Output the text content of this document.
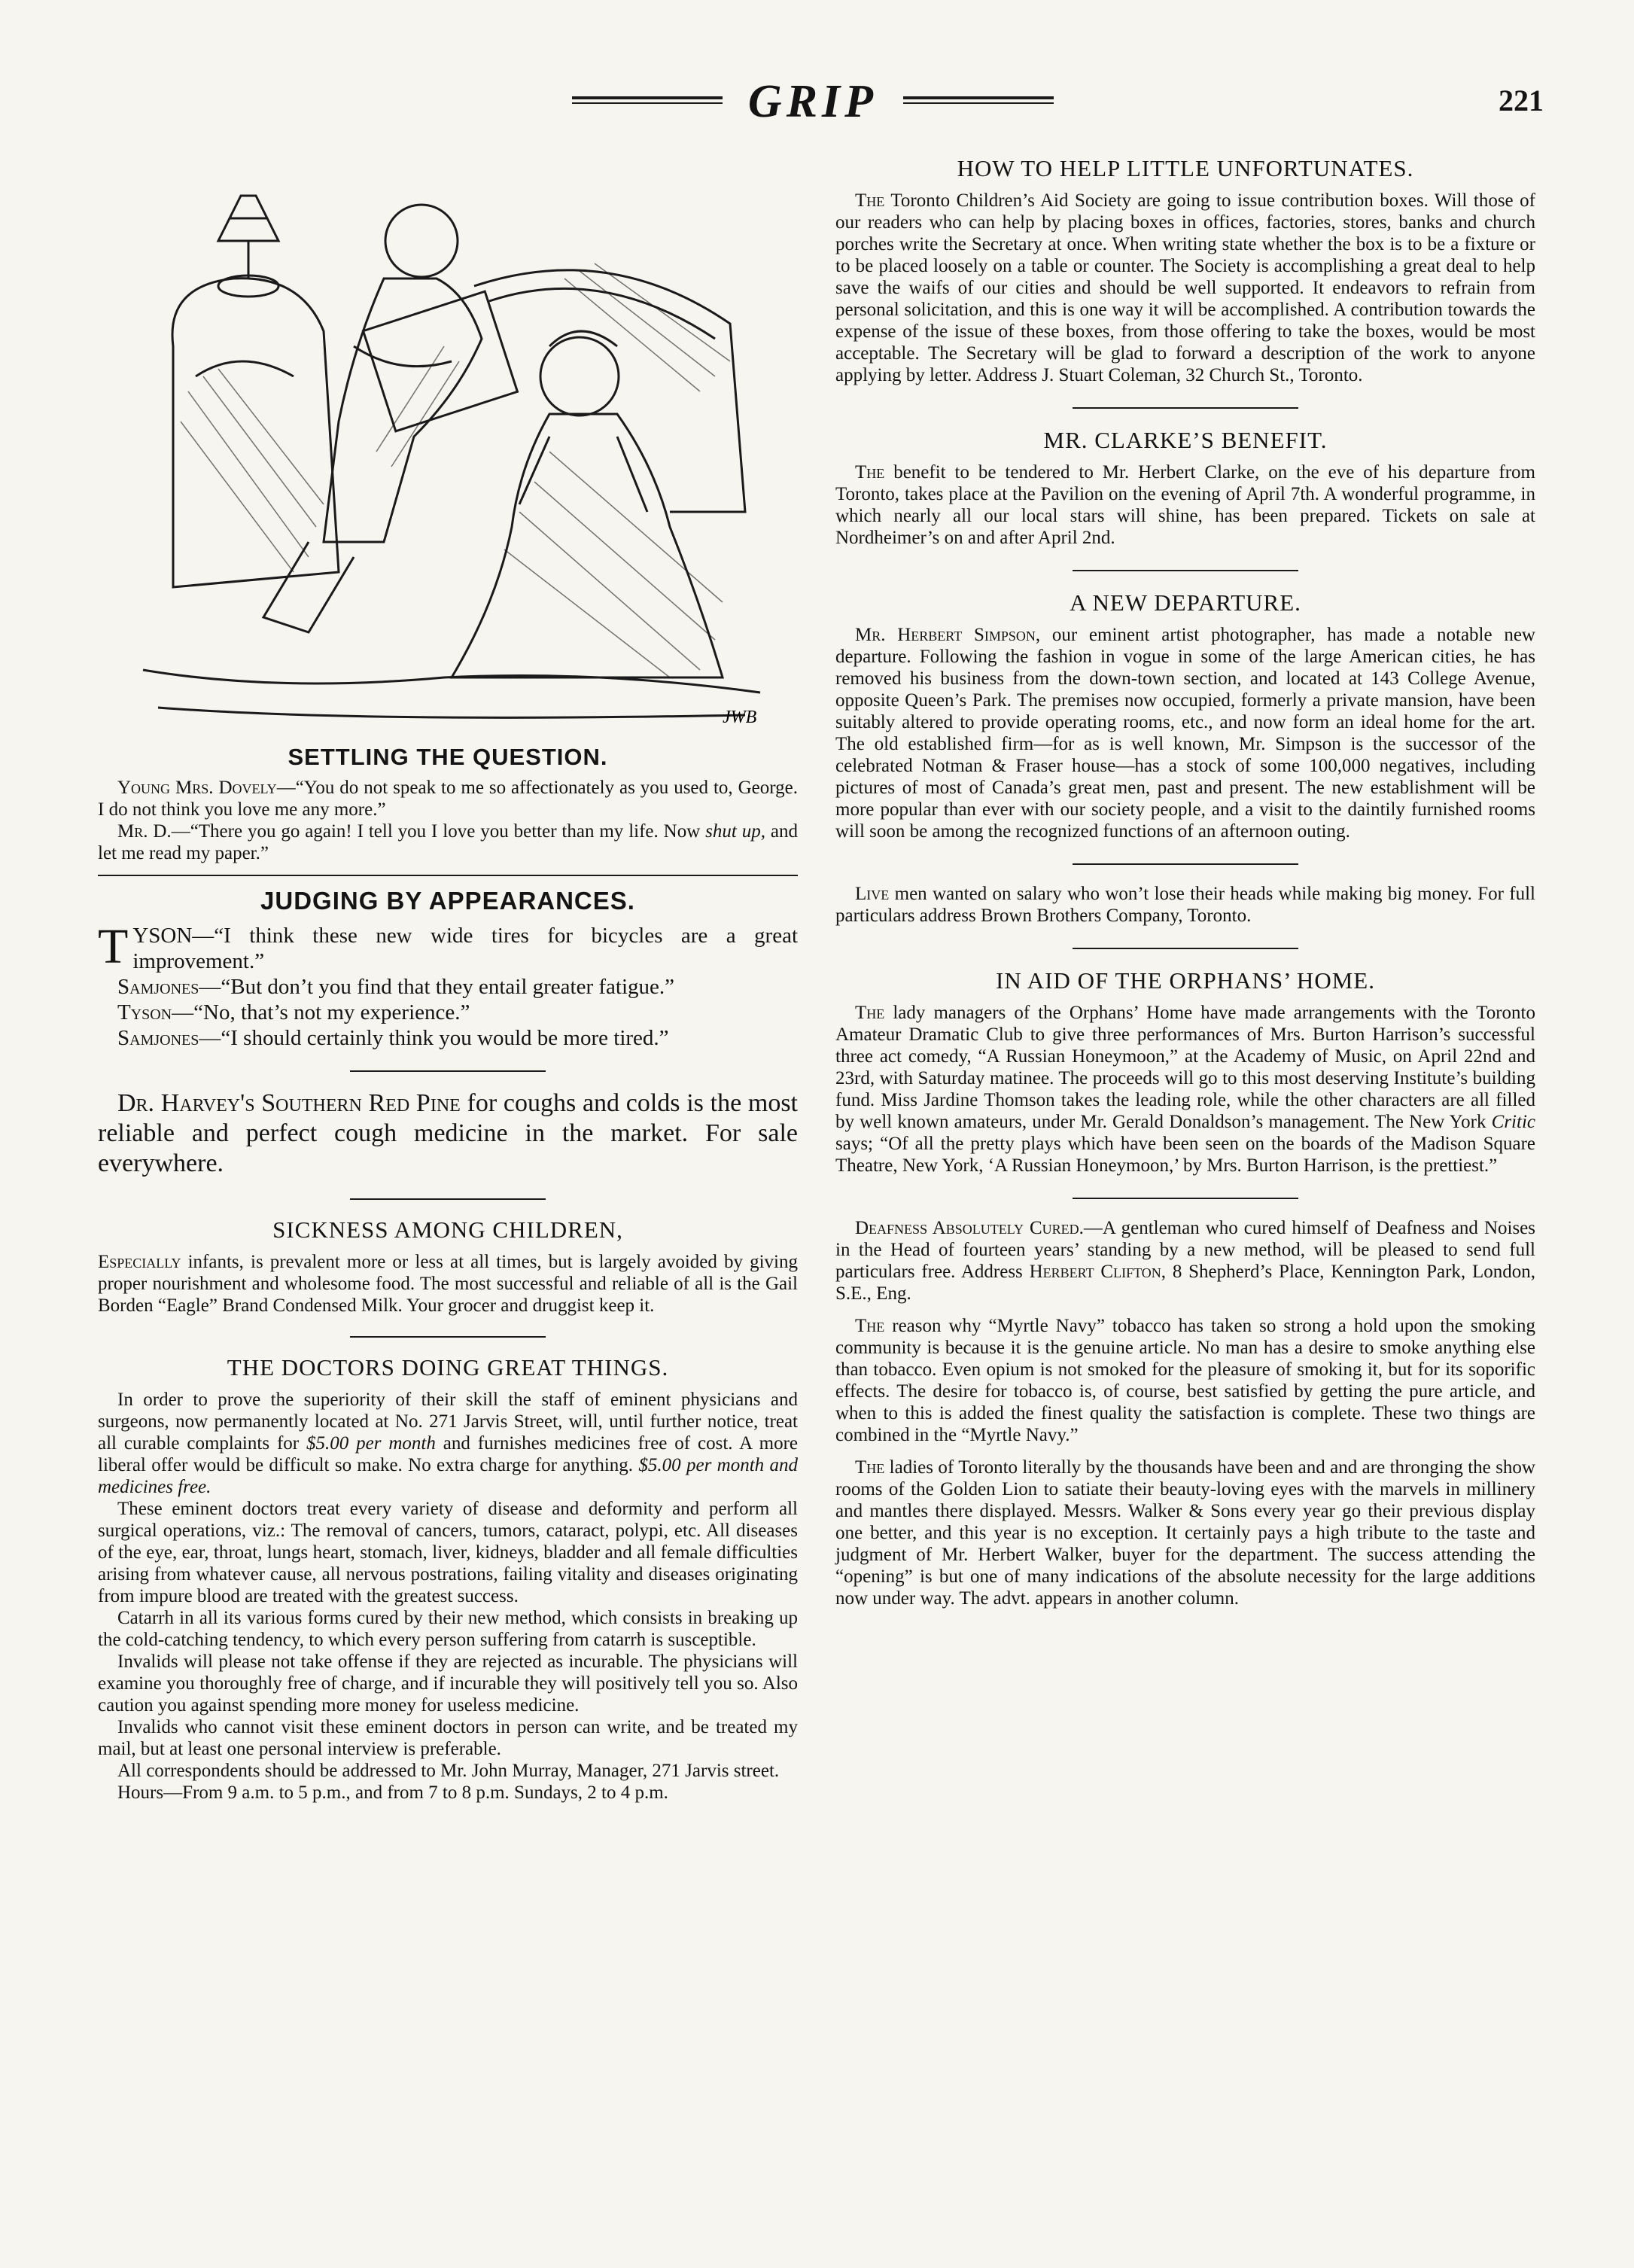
GRIP	221
JWB
SETTLING THE QUESTION.

Young Mrs. Dovely—“You do not speak to me so affectionately as you used to, George. I do not think you love me any more.”

Mr. D.—“There you go again! I tell you I love you better than my life. Now shut up, and let me read my paper.”

JUDGING BY APPEARANCES.

TYSON—“I think these new wide tires for bicycles are a great improvement.”

Samjones—“But don’t you find that they entail greater fatigue.”

Tyson—“No, that’s not my experience.”

Samjones—“I should certainly think you would be more tired.”

Dr. Harvey's Southern Red Pine for coughs and colds is the most reliable and perfect cough medicine in the market. For sale everywhere.

SICKNESS AMONG CHILDREN,

Especially infants, is prevalent more or less at all times, but is largely avoided by giving proper nourishment and wholesome food. The most successful and reliable of all is the Gail Borden “Eagle” Brand Condensed Milk. Your grocer and druggist keep it.

THE DOCTORS DOING GREAT THINGS.

In order to prove the superiority of their skill the staff of eminent physicians and surgeons, now permanently located at No. 271 Jarvis Street, will, until further notice, treat all curable complaints for $5.00 per month and furnishes medicines free of cost. A more liberal offer would be difficult so make. No extra charge for anything. $5.00 per month and medicines free.

These eminent doctors treat every variety of disease and deformity and perform all surgical operations, viz.: The removal of cancers, tumors, cataract, polypi, etc. All diseases of the eye, ear, throat, lungs heart, stomach, liver, kidneys, bladder and all female difficulties arising from whatever cause, all nervous postrations, failing vitality and diseases originating from impure blood are treated with the greatest success.

Catarrh in all its various forms cured by their new method, which consists in breaking up the cold-catching tendency, to which every person suffering from catarrh is susceptible.

Invalids will please not take offense if they are rejected as incurable. The physicians will examine you thoroughly free of charge, and if incurable they will positively tell you so. Also caution you against spending more money for useless medicine.

Invalids who cannot visit these eminent doctors in person can write, and be treated my mail, but at least one personal interview is preferable.

All correspondents should be addressed to Mr. John Murray, Manager, 271 Jarvis street.

Hours—From 9 a.m. to 5 p.m., and from 7 to 8 p.m. Sundays, 2 to 4 p.m.

HOW TO HELP LITTLE UNFORTUNATES.

The Toronto Children’s Aid Society are going to issue contribution boxes. Will those of our readers who can help by placing boxes in offices, factories, stores, banks and church porches write the Secretary at once. When writing state whether the box is to be a fixture or to be placed loosely on a table or counter. The Society is accomplishing a great deal to help save the waifs of our cities and should be well supported. It endeavors to refrain from personal solicitation, and this is one way it will be accomplished. A contribution towards the expense of the issue of these boxes, from those offering to take the boxes, would be most acceptable. The Secretary will be glad to forward a description of the work to anyone applying by letter. Address J. Stuart Coleman, 32 Church St., Toronto.

MR. CLARKE’S BENEFIT.

The benefit to be tendered to Mr. Herbert Clarke, on the eve of his departure from Toronto, takes place at the Pavilion on the evening of April 7th. A wonderful programme, in which nearly all our local stars will shine, has been prepared. Tickets on sale at Nordheimer’s on and after April 2nd.

A NEW DEPARTURE.

Mr. Herbert Simpson, our eminent artist photographer, has made a notable new departure. Following the fashion in vogue in some of the large American cities, he has removed his business from the down-town section, and located at 143 College Avenue, opposite Queen’s Park. The premises now occupied, formerly a private mansion, have been suitably altered to provide operating rooms, etc., and now form an ideal home for the art. The old established firm—for as is well known, Mr. Simpson is the successor of the celebrated Notman & Fraser house—has a stock of some 100,000 negatives, including pictures of most of Canada’s great men, past and present. The new establishment will be more popular than ever with our society people, and a visit to the daintily furnished rooms will soon be among the recognized functions of an afternoon outing.

Live men wanted on salary who won’t lose their heads while making big money. For full particulars address Brown Brothers Company, Toronto.

IN AID OF THE ORPHANS’ HOME.

The lady managers of the Orphans’ Home have made arrangements with the Toronto Amateur Dramatic Club to give three performances of Mrs. Burton Harrison’s successful three act comedy, “A Russian Honeymoon,” at the Academy of Music, on April 22nd and 23rd, with Saturday matinee. The proceeds will go to this most deserving Institute’s building fund. Miss Jardine Thomson takes the leading role, while the other characters are all filled by well known amateurs, under Mr. Gerald Donaldson’s management. The New York Critic says; “Of all the pretty plays which have been seen on the boards of the Madison Square Theatre, New York, ‘A Russian Honeymoon,’ by Mrs. Burton Harrison, is the prettiest.”

Deafness Absolutely Cured.—A gentleman who cured himself of Deafness and Noises in the Head of fourteen years’ standing by a new method, will be pleased to send full particulars free. Address Herbert Clifton, 8 Shepherd’s Place, Kennington Park, London, S.E., Eng.

The reason why “Myrtle Navy” tobacco has taken so strong a hold upon the smoking community is because it is the genuine article. No man has a desire to smoke anything else than tobacco. Even opium is not smoked for the pleasure of smoking it, but for its soporific effects. The desire for tobacco is, of course, best satisfied by getting the pure article, and when to this is added the finest quality the satisfaction is complete. These two things are combined in the “Myrtle Navy.”

The ladies of Toronto literally by the thousands have been and and are thronging the show rooms of the Golden Lion to satiate their beauty-loving eyes with the marvels in millinery and mantles there displayed. Messrs. Walker & Sons every year go their previous display one better, and this year is no exception. It certainly pays a high tribute to the taste and judgment of Mr. Herbert Walker, buyer for the department. The success attending the “opening” is but one of many indications of the absolute necessity for the large additions now under way. The advt. appears in another column.
